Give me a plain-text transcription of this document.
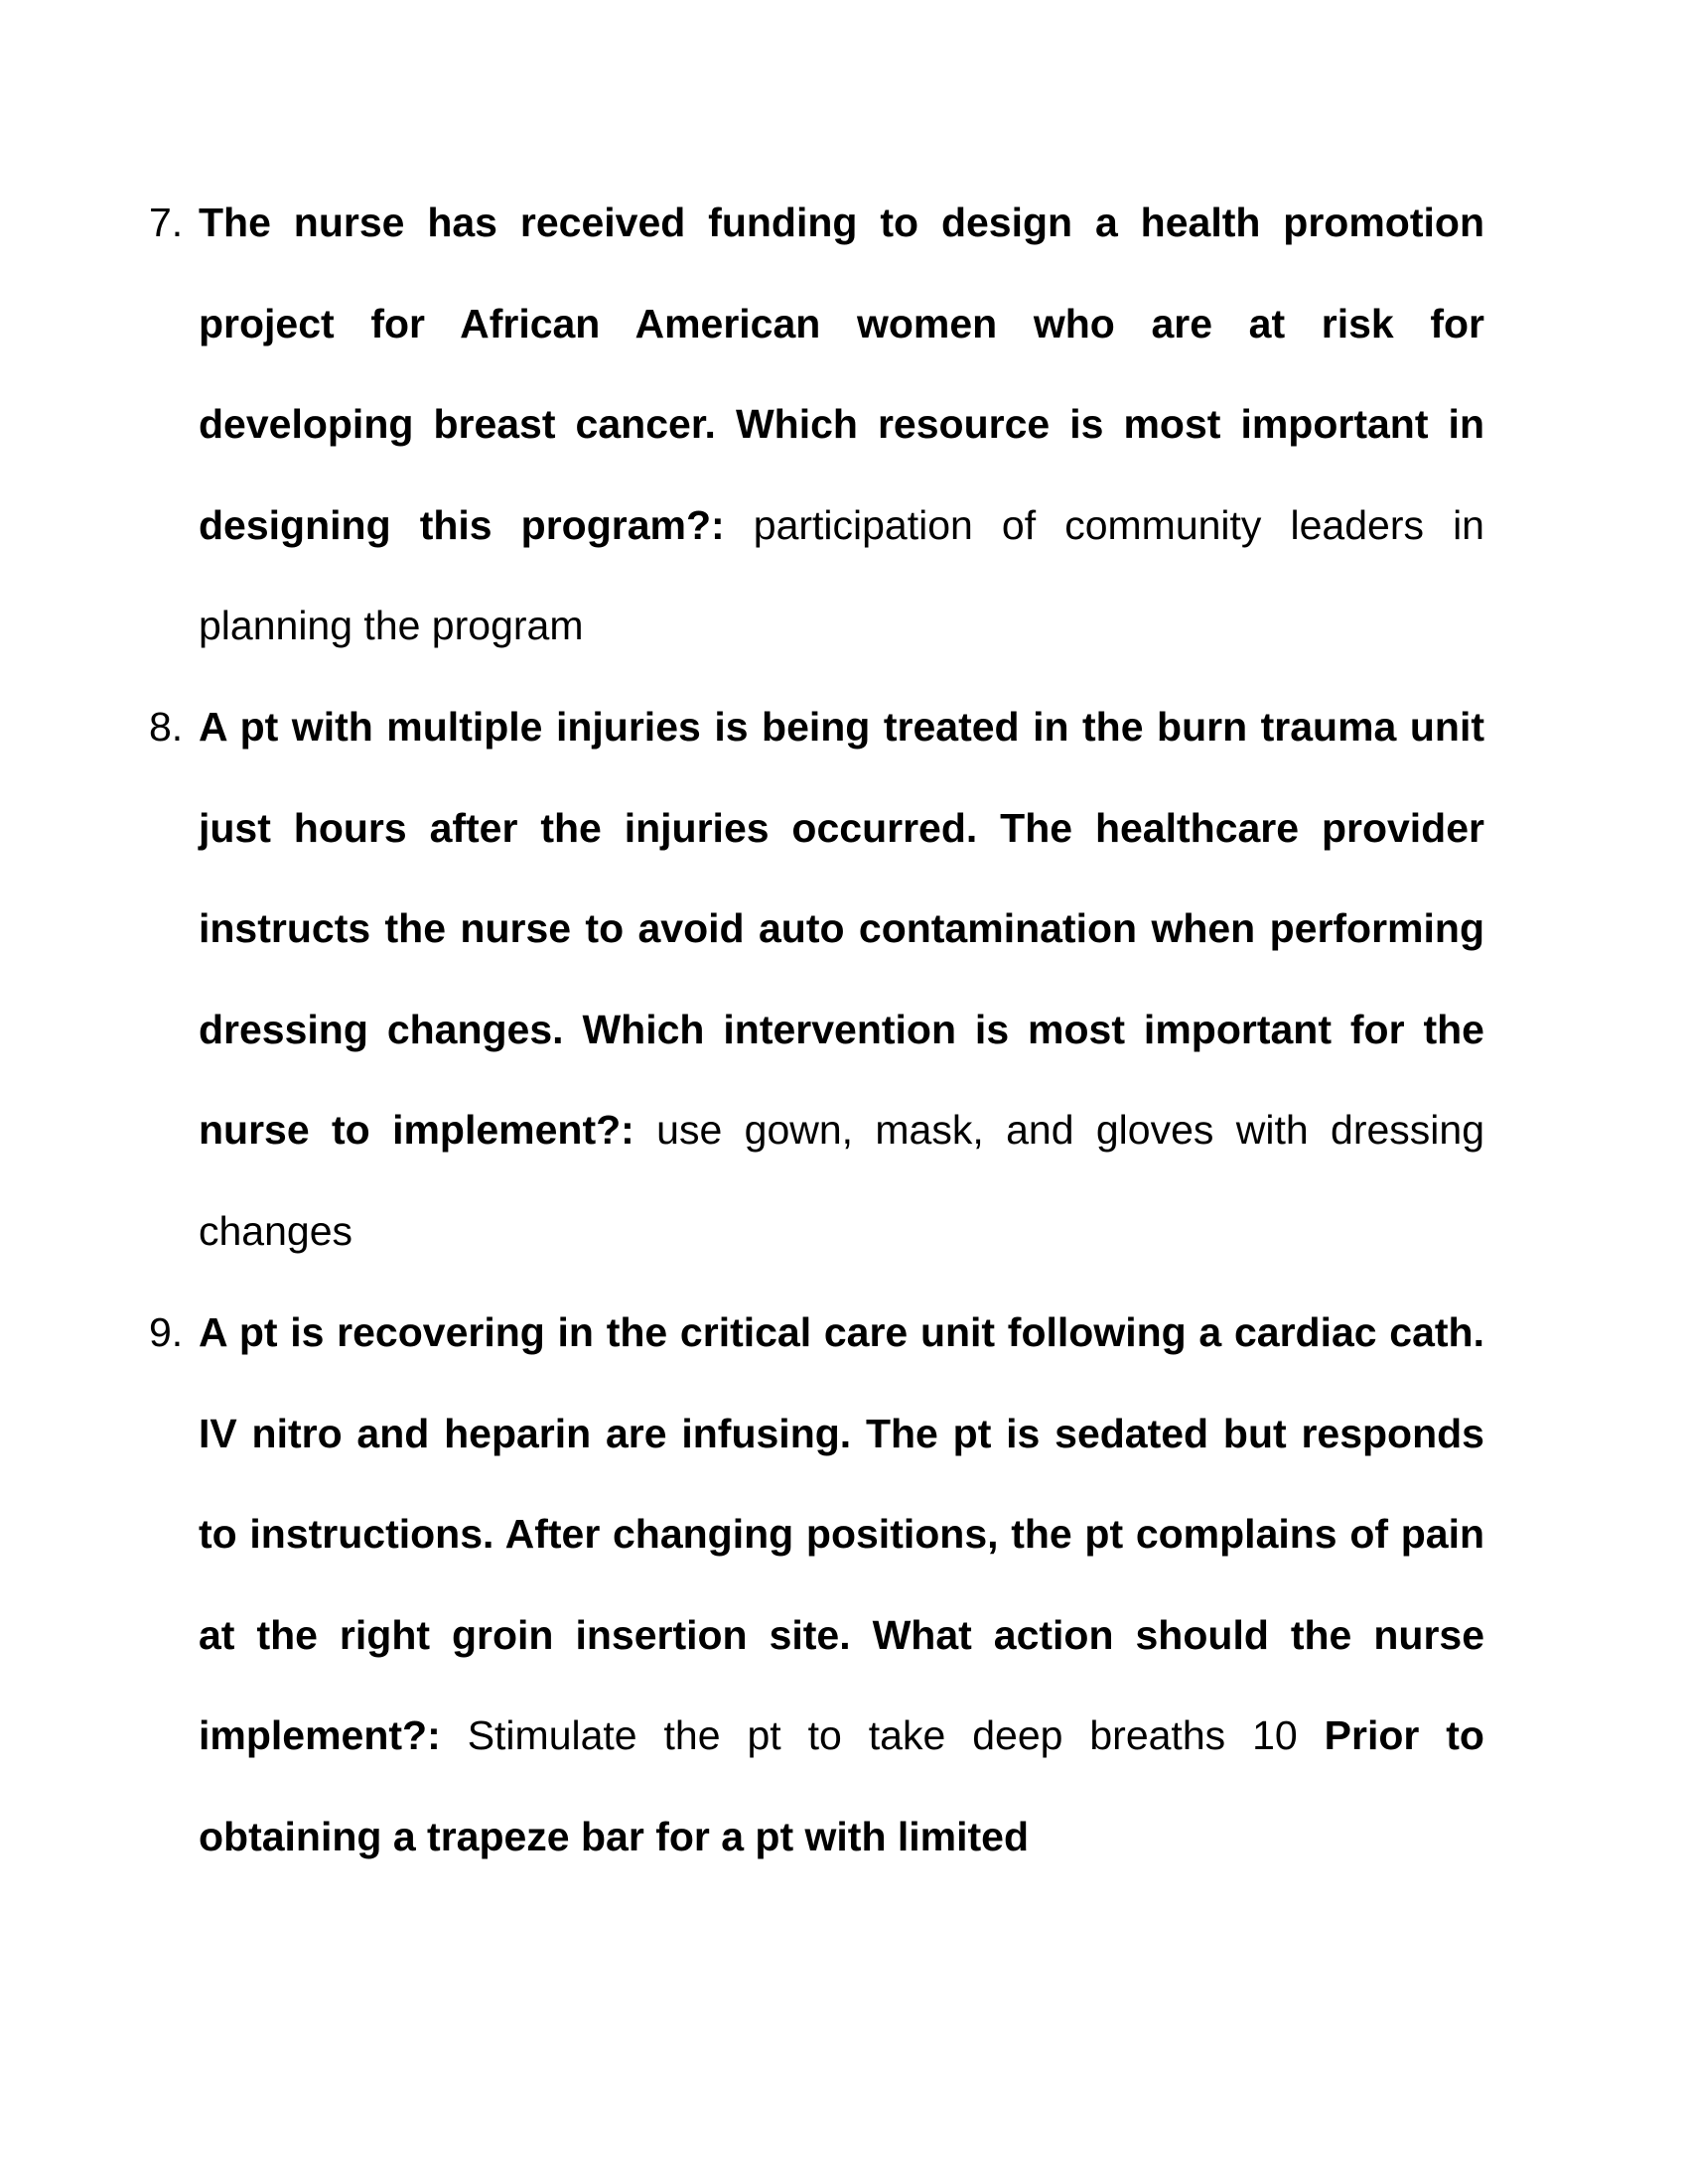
7. The nurse has received funding to design a health promotion project for African American women who are at risk for developing breast cancer. Which resource is most important in designing this program?: participation of community leaders in planning the program
8. A pt with multiple injuries is being treated in the burn trauma unit just hours after the injuries occurred. The healthcare provider instructs the nurse to avoid auto contamination when performing dressing changes. Which intervention is most important for the nurse to implement?: use gown, mask, and gloves with dressing changes
9. A pt is recovering in the critical care unit following a cardiac cath. IV nitro and heparin are infusing. The pt is sedated but responds to instructions. After changing positions, the pt complains of pain at the right groin insertion site. What action should the nurse implement?: Stimulate the pt to take deep breaths 10 Prior to obtaining a trapeze bar for a pt with limited
